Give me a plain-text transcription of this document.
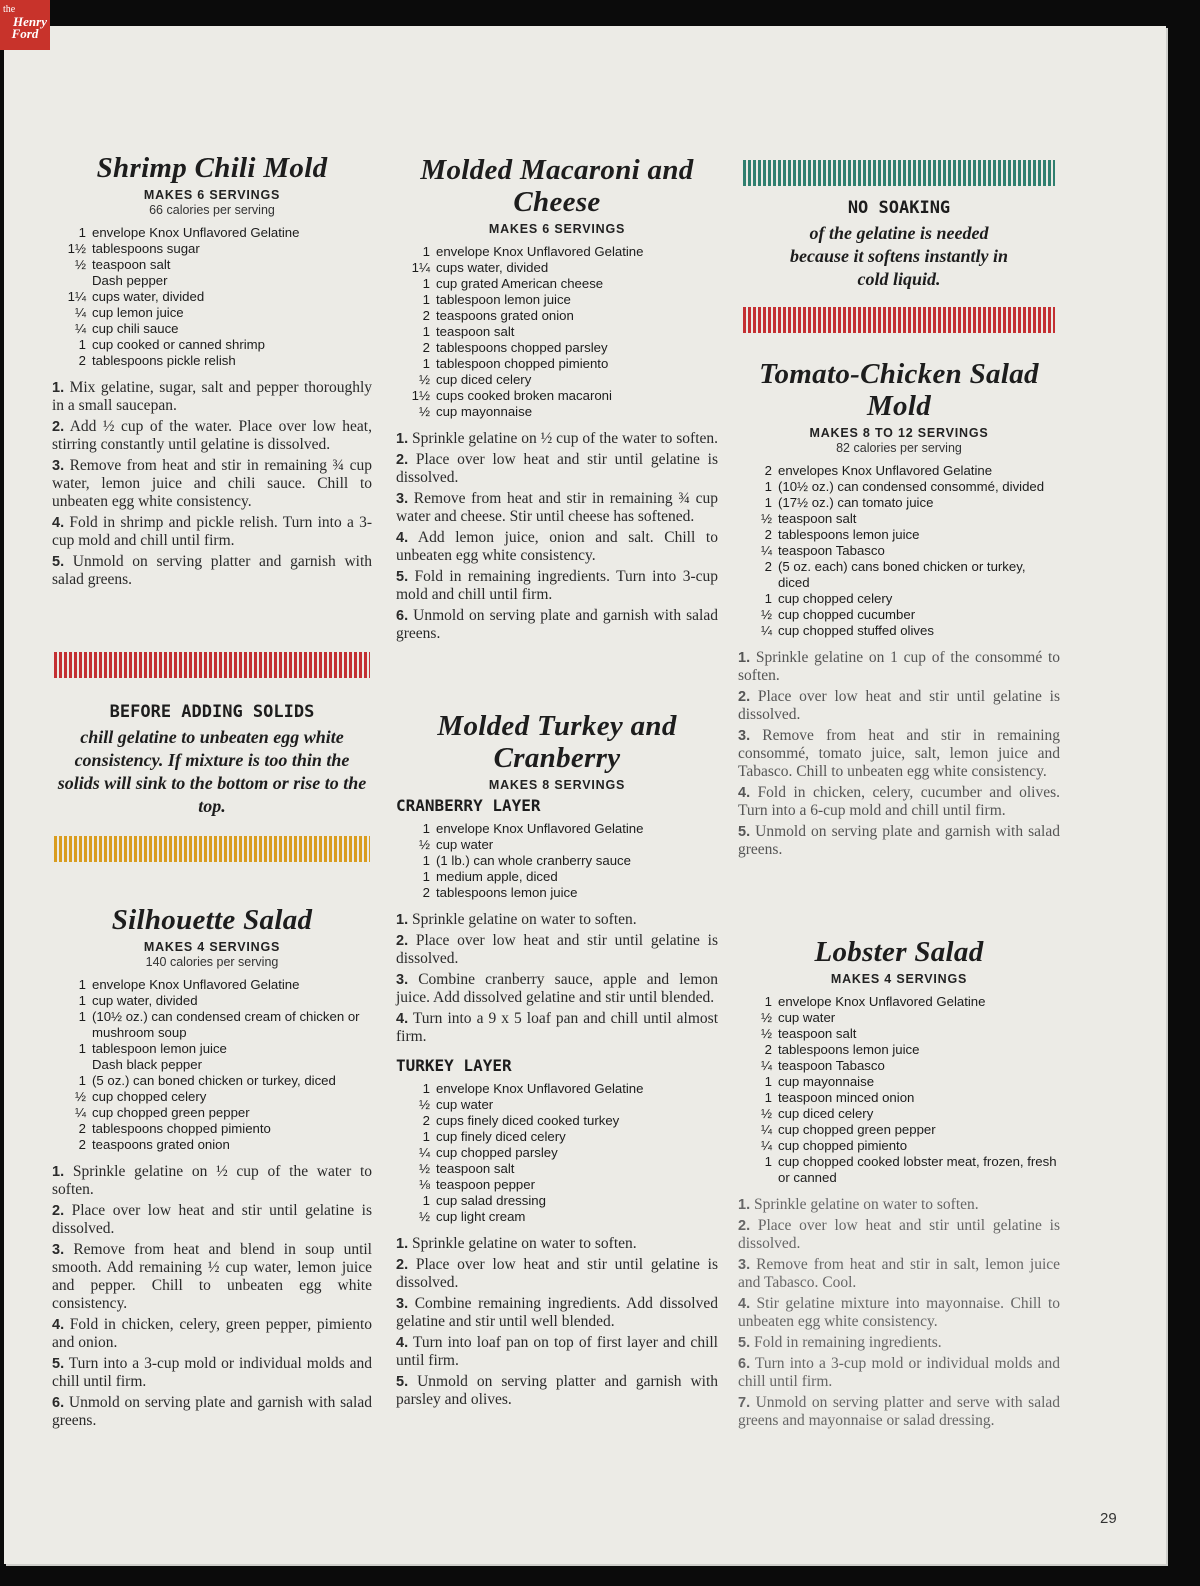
Shrimp Chili Mold
MAKES 6 SERVINGS
66 calories per serving
1 envelope Knox Unflavored Gelatine
1½ tablespoons sugar
½ teaspoon salt
Dash pepper
1¼ cups water, divided
¼ cup lemon juice
¼ cup chili sauce
1 cup cooked or canned shrimp
2 tablespoons pickle relish

1. Mix gelatine, sugar, salt and pepper thoroughly in a small saucepan.

2. Add ½ cup of the water. Place over low heat, stirring constantly until gelatine is dissolved.

3. Remove from heat and stir in remaining ¾ cup water, lemon juice and chili sauce. Chill to unbeaten egg white consistency.

4. Fold in shrimp and pickle relish. Turn into a 3-cup mold and chill until firm.

5. Unmold on serving platter and garnish with salad greens.

BEFORE ADDING SOLIDS
chill gelatine to unbeaten egg white consistency. If mixture is too thin the solids will sink to the bottom or rise to the top.
Silhouette Salad
MAKES 4 SERVINGS
140 calories per serving
1 envelope Knox Unflavored Gelatine
1 cup water, divided
1 (10½ oz.) can condensed cream of chicken or mushroom soup
1 tablespoon lemon juice
Dash black pepper
1 (5 oz.) can boned chicken or turkey, diced
½ cup chopped celery
¼ cup chopped green pepper
2 tablespoons chopped pimiento
2 teaspoons grated onion

1. Sprinkle gelatine on ½ cup of the water to soften.

2. Place over low heat and stir until gelatine is dissolved.

3. Remove from heat and blend in soup until smooth. Add remaining ½ cup water, lemon juice and pepper. Chill to unbeaten egg white consistency.

4. Fold in chicken, celery, green pepper, pimiento and onion.

5. Turn into a 3-cup mold or individual molds and chill until firm.

6. Unmold on serving plate and garnish with salad greens.

Molded Macaroni and Cheese
MAKES 6 SERVINGS
1 envelope Knox Unflavored Gelatine
1¼ cups water, divided
1 cup grated American cheese
1 tablespoon lemon juice
2 teaspoons grated onion
1 teaspoon salt
2 tablespoons chopped parsley
1 tablespoon chopped pimiento
½ cup diced celery
1½ cups cooked broken macaroni
½ cup mayonnaise

1. Sprinkle gelatine on ½ cup of the water to soften.

2. Place over low heat and stir until gelatine is dissolved.

3. Remove from heat and stir in remaining ¾ cup water and cheese. Stir until cheese has softened.

4. Add lemon juice, onion and salt. Chill to unbeaten egg white consistency.

5. Fold in remaining ingredients. Turn into 3-cup mold and chill until firm.

6. Unmold on serving plate and garnish with salad greens.

Molded Turkey and Cranberry
MAKES 8 SERVINGS
CRANBERRY LAYER
1 envelope Knox Unflavored Gelatine
½ cup water
1 (1 lb.) can whole cranberry sauce
1 medium apple, diced
2 tablespoons lemon juice

1. Sprinkle gelatine on water to soften.

2. Place over low heat and stir until gelatine is dissolved.

3. Combine cranberry sauce, apple and lemon juice. Add dissolved gelatine and stir until blended.

4. Turn into a 9 x 5 loaf pan and chill until almost firm.

TURKEY LAYER
1 envelope Knox Unflavored Gelatine
½ cup water
2 cups finely diced cooked turkey
1 cup finely diced celery
¼ cup chopped parsley
½ teaspoon salt
⅛ teaspoon pepper
1 cup salad dressing
½ cup light cream

1. Sprinkle gelatine on water to soften.

2. Place over low heat and stir until gelatine is dissolved.

3. Combine remaining ingredients. Add dissolved gelatine and stir until well blended.

4. Turn into loaf pan on top of first layer and chill until firm.

5. Unmold on serving platter and garnish with parsley and olives.

NO SOAKING
of the gelatine is needed because it softens instantly in cold liquid.
Tomato-Chicken Salad Mold
MAKES 8 TO 12 SERVINGS
82 calories per serving
2 envelopes Knox Unflavored Gelatine
1 (10½ oz.) can condensed consommé, divided
1 (17½ oz.) can tomato juice
½ teaspoon salt
2 tablespoons lemon juice
¼ teaspoon Tabasco
2 (5 oz. each) cans boned chicken or turkey, diced
1 cup chopped celery
½ cup chopped cucumber
¼ cup chopped stuffed olives

1. Sprinkle gelatine on 1 cup of the consommé to soften.

2. Place over low heat and stir until gelatine is dissolved.

3. Remove from heat and stir in remaining consommé, tomato juice, salt, lemon juice and Tabasco. Chill to unbeaten egg white consistency.

4. Fold in chicken, celery, cucumber and olives. Turn into a 6-cup mold and chill until firm.

5. Unmold on serving plate and garnish with salad greens.

Lobster Salad
MAKES 4 SERVINGS
1 envelope Knox Unflavored Gelatine
½ cup water
½ teaspoon salt
2 tablespoons lemon juice
¼ teaspoon Tabasco
1 cup mayonnaise
1 teaspoon minced onion
½ cup diced celery
¼ cup chopped green pepper
¼ cup chopped pimiento
1 cup chopped cooked lobster meat, frozen, fresh or canned

1. Sprinkle gelatine on water to soften.

2. Place over low heat and stir until gelatine is dissolved.

3. Remove from heat and stir in salt, lemon juice and Tabasco. Cool.

4. Stir gelatine mixture into mayonnaise. Chill to unbeaten egg white consistency.

5. Fold in remaining ingredients.

6. Turn into a 3-cup mold or individual molds and chill until firm.

7. Unmold on serving platter and serve with salad greens and mayonnaise or salad dressing.

29
the
Henry
Ford
